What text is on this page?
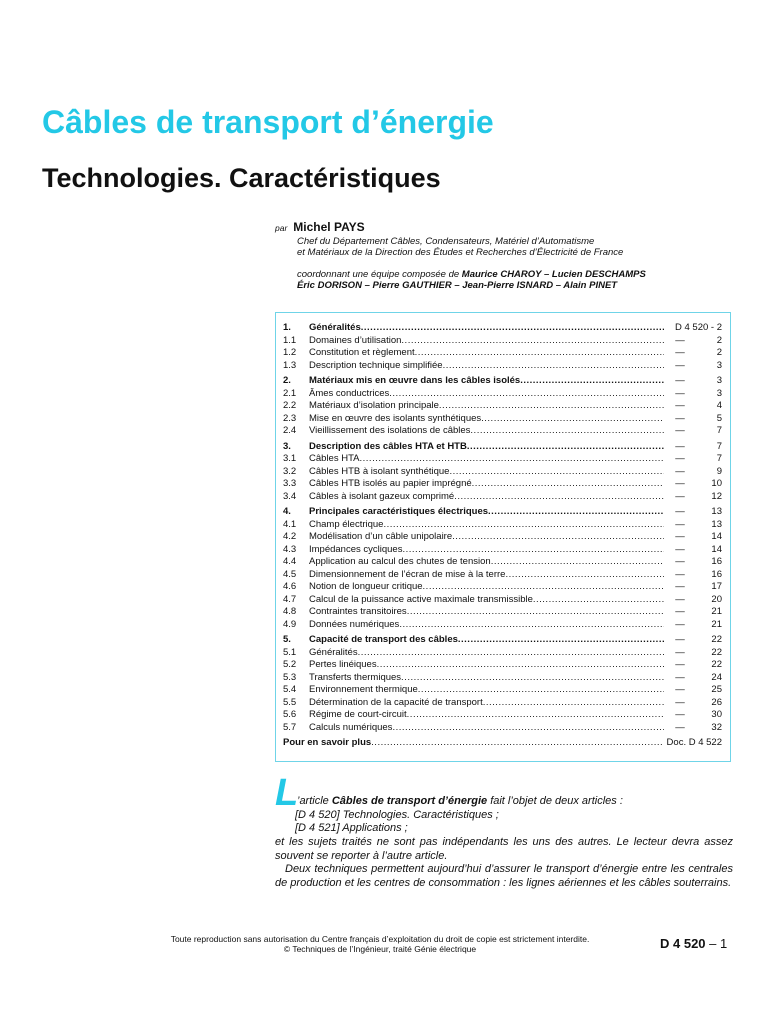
Câbles de transport d’énergie
Technologies. Caractéristiques
par Michel PAYS
Chef du Département Câbles, Condensateurs, Matériel d’Automatisme
et Matériaux de la Direction des Études et Recherches d’Électricité de France
coordonnant une équipe composée de Maurice CHAROY – Lucien DESCHAMPS
Éric DORISON – Pierre GAUTHIER – Jean-Pierre ISNARD – Alain PINET
1.	Généralités .....	D 4 520 - 2
1.1	Domaines d’utilisation .....	—	2
1.2	Constitution et règlement .....	—	2
1.3	Description technique simplifiée .....	—	3
2.	Matériaux mis en œuvre dans les câbles isolés .....	—	3
2.1	Âmes conductrices .....	—	3
2.2	Matériaux d’isolation principale .....	—	4
2.3	Mise en œuvre des isolants synthétiques .....	—	5
2.4	Vieillissement des isolations de câbles .....	—	7
3.	Description des câbles HTA et HTB .....	—	7
3.1	Câbles HTA .....	—	7
3.2	Câbles HTB à isolant synthétique .....	—	9
3.3	Câbles HTB isolés au papier imprégné .....	—	10
3.4	Câbles à isolant gazeux comprimé .....	—	12
4.	Principales caractéristiques électriques .....	—	13
4.1	Champ électrique .....	—	13
4.2	Modélisation d’un câble unipolaire .....	—	14
4.3	Impédances cycliques .....	—	14
4.4	Application au calcul des chutes de tension .....	—	16
4.5	Dimensionnement de l’écran de mise à la terre .....	—	16
4.6	Notion de longueur critique .....	—	17
4.7	Calcul de la puissance active maximale transmissible .....	—	20
4.8	Contraintes transitoires .....	—	21
4.9	Données numériques .....	—	21
5.	Capacité de transport des câbles .....	—	22
5.1	Généralités .....	—	22
5.2	Pertes linéiques .....	—	22
5.3	Transferts thermiques .....	—	24
5.4	Environnement thermique .....	—	25
5.5	Détermination de la capacité de transport .....	—	26
5.6	Régime de court-circuit .....	—	30
5.7	Calculs numériques .....	—	32
Pour en savoir plus .....	Doc. D 4 522
L
’article Câbles de transport d’énergie fait l’objet de deux articles :
[D 4 520] Technologies. Caractéristiques ;
[D 4 521] Applications ;
et les sujets traités ne sont pas indépendants les uns des autres. Le lecteur devra assez souvent se reporter à l’autre article.
Deux techniques permettent aujourd’hui d’assurer le transport d’énergie entre les centrales de production et les centres de consommation : les lignes aériennes et les câbles souterrains.
Toute reproduction sans autorisation du Centre français d’exploitation du droit de copie est strictement interdite.
© Techniques de l’Ingénieur, traité Génie électrique	D 4 520 – 1
